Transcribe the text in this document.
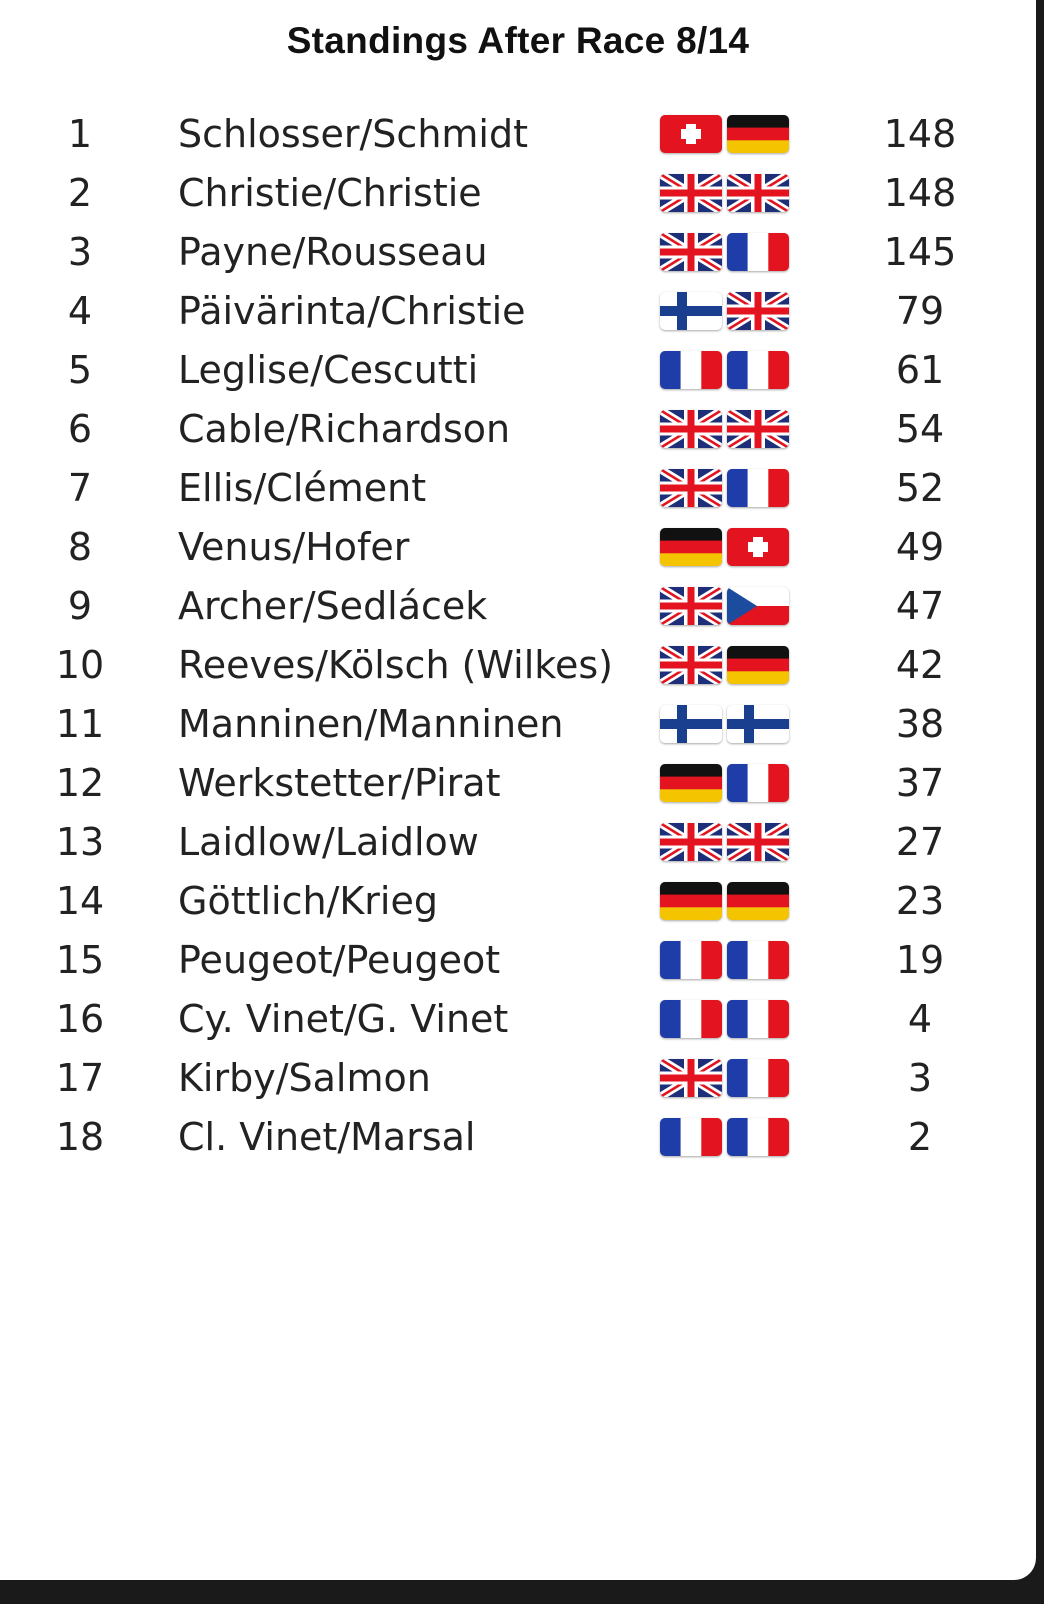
Standings After Race 8/14
1	Schlosser/Schmidt	148
2	Christie/Christie	148
3	Payne/Rousseau	145
4	Päivärinta/Christie	79
5	Leglise/Cescutti	61
6	Cable/Richardson	54
7	Ellis/Clément	52
8	Venus/Hofer	49
9	Archer/Sedlácek	47
10	Reeves/Kölsch (Wilkes)	42
11	Manninen/Manninen	38
12	Werkstetter/Pirat	37
13	Laidlow/Laidlow	27
14	Göttlich/Krieg	23
15	Peugeot/Peugeot	19
16	Cy. Vinet/G. Vinet	4
17	Kirby/Salmon	3
18	Cl. Vinet/Marsal	2
